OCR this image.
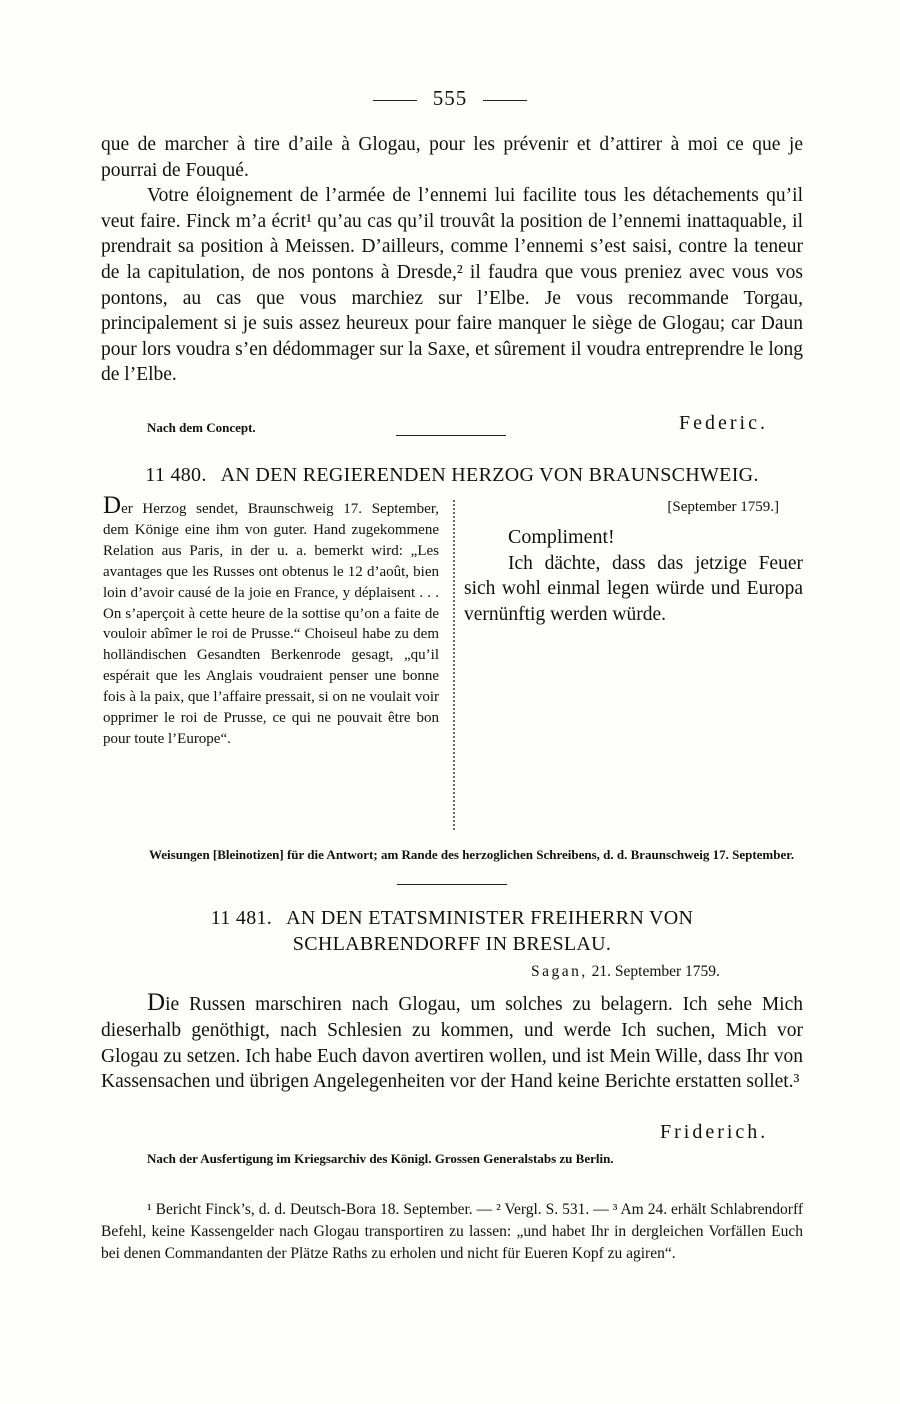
555

que de marcher à tire d’aile à Glogau, pour les prévenir et d’attirer à moi ce que je pourrai de Fouqué.

Votre éloignement de l’armée de l’ennemi lui facilite tous les détachements qu’il veut faire. Finck m’a écrit¹ qu’au cas qu’il trouvât la position de l’ennemi inattaquable, il prendrait sa position à Meissen. D’ailleurs, comme l’ennemi s’est saisi, contre la teneur de la capitulation, de nos pontons à Dresde,² il faudra que vous preniez avec vous vos pontons, au cas que vous marchiez sur l’Elbe. Je vous recommande Torgau, principalement si je suis assez heureux pour faire manquer le siège de Glogau; car Daun pour lors voudra s’en dédommager sur la Saxe, et sûrement il voudra entreprendre le long de l’Elbe.

Nach dem Concept.	Federic.
11 480. AN DEN REGIERENDEN HERZOG VON BRAUNSCHWEIG.
Der Herzog sendet, Braunschweig 17. September, dem Könige eine ihm von guter. Hand zugekommene Relation aus Paris, in der u. a. bemerkt wird: „Les avantages que les Russes ont obtenus le 12 d’août, bien loin d’avoir causé de la joie en France, y déplaisent . . . On s’aperçoit à cette heure de la sottise qu’on a faite de vouloir abîmer le roi de Prusse.“ Choiseul habe zu dem holländischen Gesandten Berkenrode gesagt, „qu’il espérait que les Anglais voudraient penser une bonne fois à la paix, que l’affaire pressait, si on ne voulait voir opprimer le roi de Prusse, ce qui ne pouvait être bon pour toute l’Europe“.
[September 1759.]
Compliment!

Ich dächte, dass das jetzige Feuer sich wohl einmal legen würde und Europa vernünftig werden würde.

Weisungen [Bleinotizen] für die Antwort; am Rande des herzoglichen Schreibens, d. d. Braunschweig 17. September.
11 481. AN DEN ETATSMINISTER FREIHERRN VON
SCHLABRENDORFF IN BRESLAU.
Sagan, 21. September 1759.

Die Russen marschiren nach Glogau, um solches zu belagern. Ich sehe Mich dieserhalb genöthigt, nach Schlesien zu kommen, und werde Ich suchen, Mich vor Glogau zu setzen. Ich habe Euch davon avertiren wollen, und ist Mein Wille, dass Ihr von Kassensachen und übrigen Angelegenheiten vor der Hand keine Berichte erstatten sollet.³

Friderich.
Nach der Ausfertigung im Kriegsarchiv des Königl. Grossen Generalstabs zu Berlin.

¹ Bericht Finck’s, d. d. Deutsch-Bora 18. September. — ² Vergl. S. 531. — ³ Am 24. erhält Schlabrendorff Befehl, keine Kassengelder nach Glogau transportiren zu lassen: „und habet Ihr in dergleichen Vorfällen Euch bei denen Commandanten der Plätze Raths zu erholen und nicht für Eueren Kopf zu agiren“.
